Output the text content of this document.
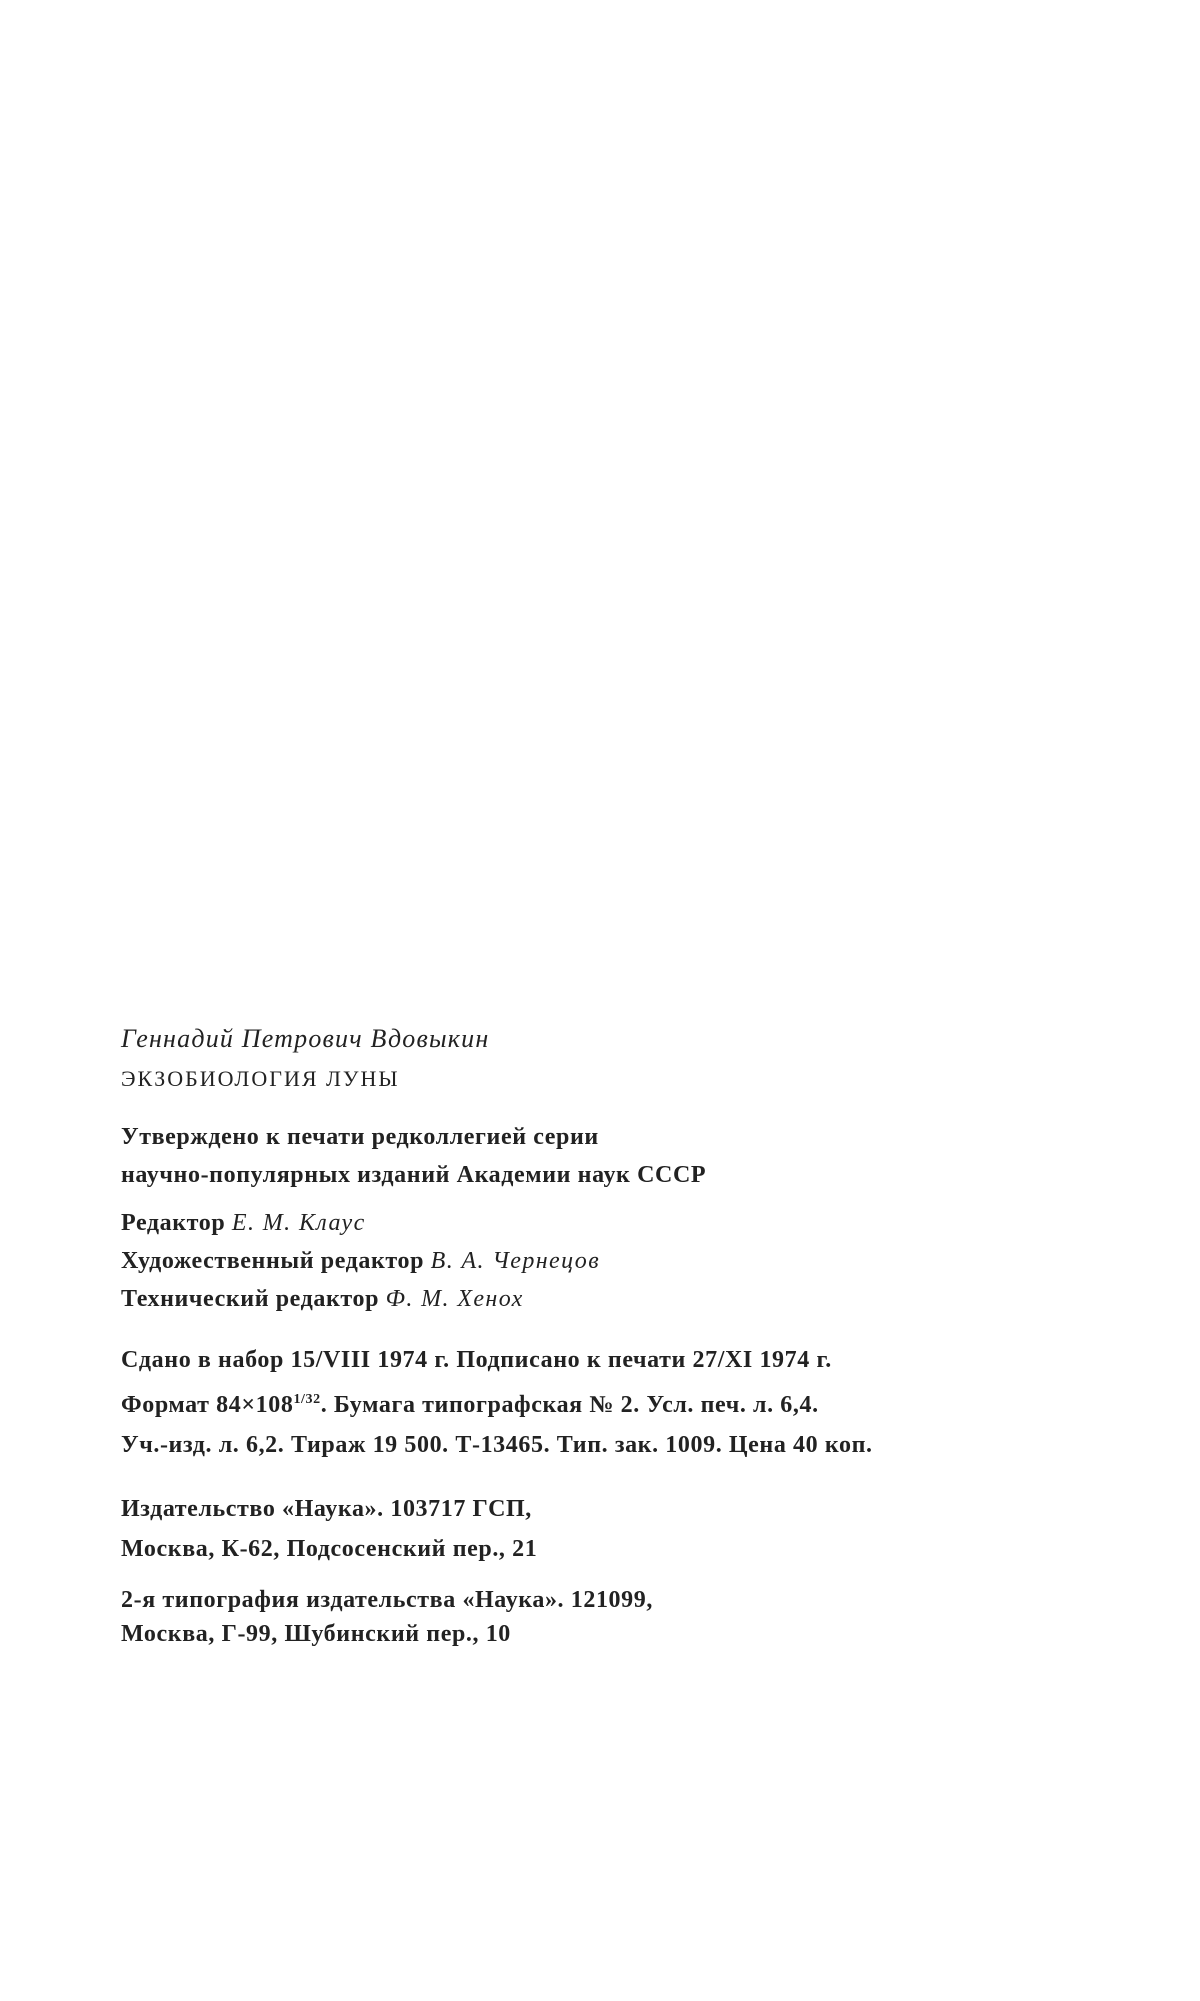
Геннадий Петрович Вдовыкин
ЭКЗОБИОЛОГИЯ ЛУНЫ
Утверждено к печати редколлегией серии
научно-популярных изданий Академии наук СССР
Редактор Е. М. Клаус
Художественный редактор В. А. Чернецов
Технический редактор Ф. М. Хенох
Сдано в набор 15/VIII 1974 г. Подписано к печати 27/XI 1974 г.
Формат $84\times 108^{1/32}$. Бумага типографская № 2. Усл. печ. л. 6,4.
Уч.-изд. л. 6,2. Тираж 19 500. Т-13465. Тип. зак. 1009. Цена 40 коп.
Издательство «Наука». 103717 ГСП,
Москва, К-62, Подсосенский пер., 21
2-я типография издательства «Наука». 121099,
Москва, Г-99, Шубинский пер., 10
